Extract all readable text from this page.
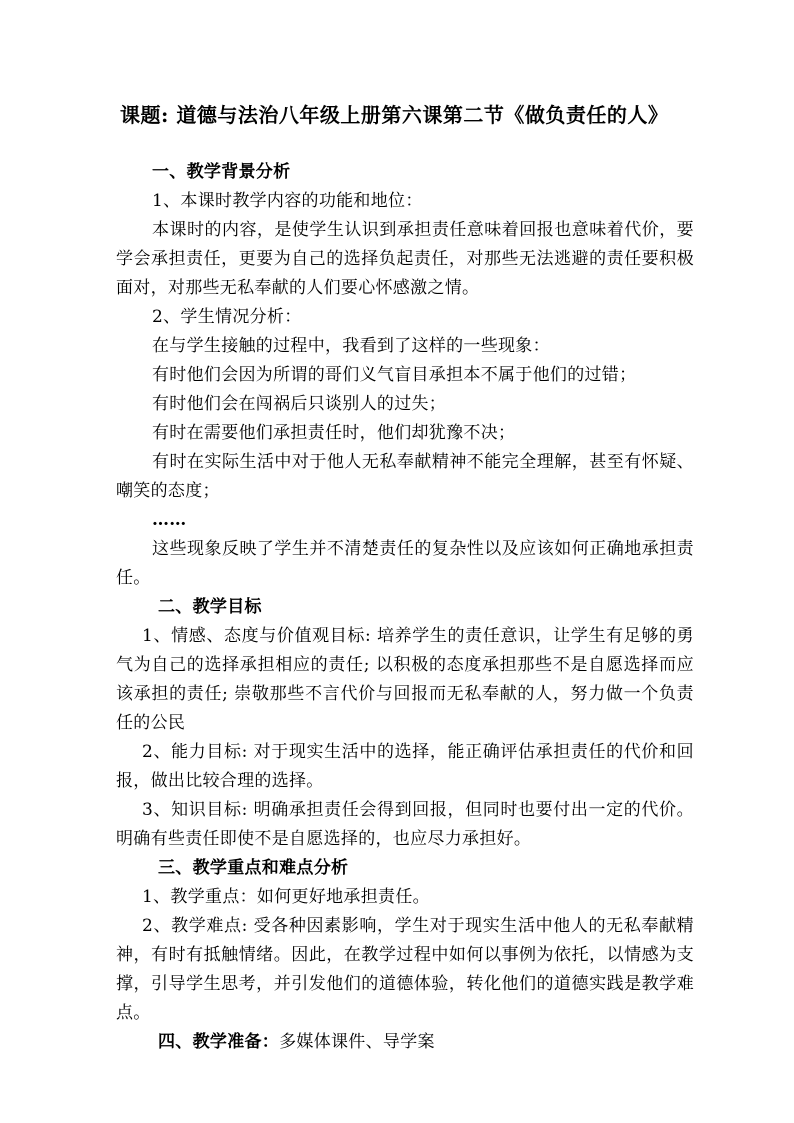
课题: 道德与法治八年级上册第六课第二节《做负责任的人》

一、教学背景分析

1、本课时教学内容的功能和地位：

本课时的内容，是使学生认识到承担责任意味着回报也意味着代价，要学会承担责任，更要为自己的选择负起责任，对那些无法逃避的责任要积极面对，对那些无私奉献的人们要心怀感激之情。

2、学生情况分析：

在与学生接触的过程中，我看到了这样的一些现象：

有时他们会因为所谓的哥们义气盲目承担本不属于他们的过错；

有时他们会在闯祸后只谈别人的过失；

有时在需要他们承担责任时，他们却犹豫不决；

有时在实际生活中对于他人无私奉献精神不能完全理解，甚至有怀疑、嘲笑的态度；

……

这些现象反映了学生并不清楚责任的复杂性以及应该如何正确地承担责任。

二、教学目标

1、情感、态度与价值观目标: 培养学生的责任意识，让学生有足够的勇气为自己的选择承担相应的责任; 以积极的态度承担那些不是自愿选择而应该承担的责任; 崇敬那些不言代价与回报而无私奉献的人，努力做一个负责任的公民

2、能力目标: 对于现实生活中的选择，能正确评估承担责任的代价和回报，做出比较合理的选择。

3、知识目标: 明确承担责任会得到回报，但同时也要付出一定的代价。明确有些责任即使不是自愿选择的，也应尽力承担好。

三、教学重点和难点分析

1、教学重点：如何更好地承担责任。

2、教学难点: 受各种因素影响，学生对于现实生活中他人的无私奉献精神，有时有抵触情绪。因此，在教学过程中如何以事例为依托，以情感为支撑，引导学生思考，并引发他们的道德体验，转化他们的道德实践是教学难点。

四、教学准备：多媒体课件、导学案
